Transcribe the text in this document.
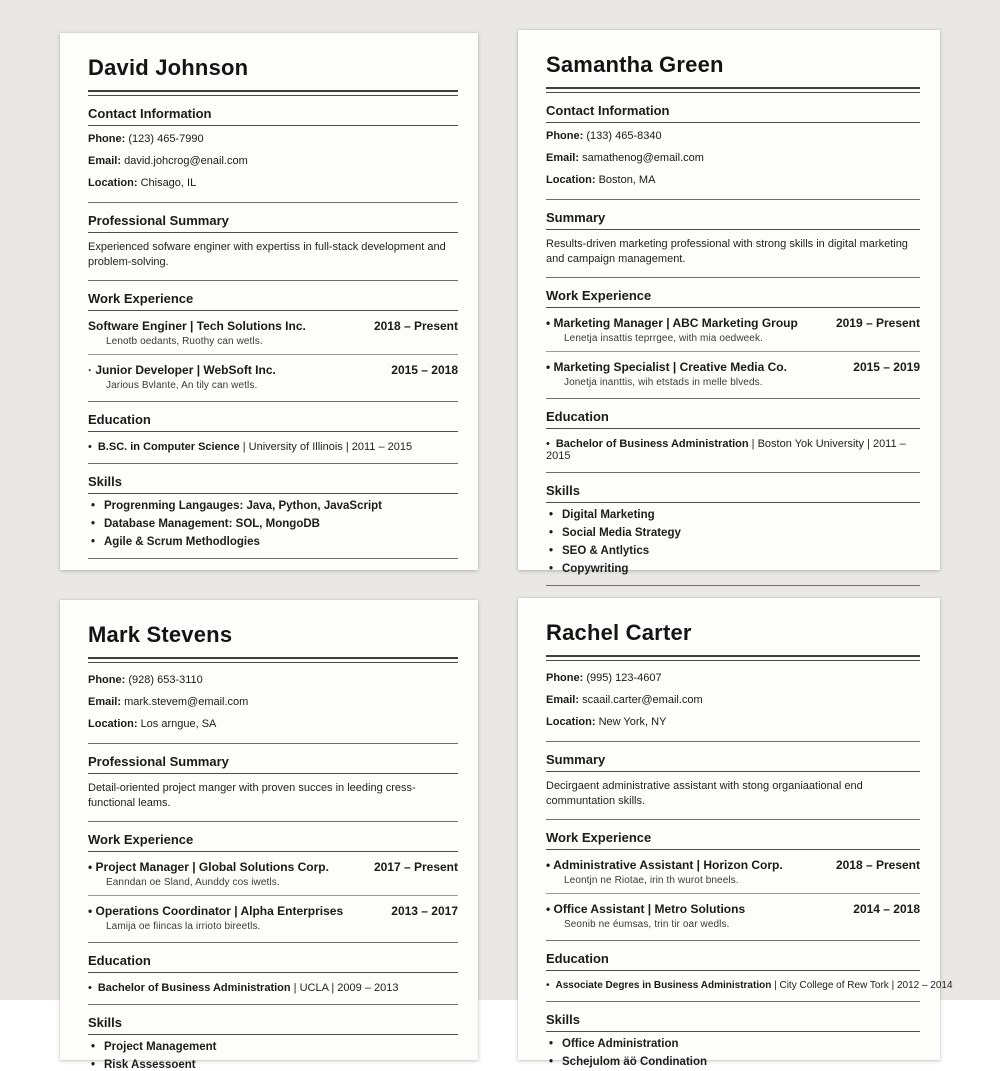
David Johnson
Contact Information
Phone: (123) 465-7990
Email: david.johcrog@enail.com
Location: Chisago, IL
Professional Summary
Experienced sofware enginer with expertiss in full-stack development and problem-solving.
Work Experience
Software Enginer | Tech Solutions Inc.	2018 – Present
Lenotb oedants, Ruothy can wetls.
· Junior Developer | WebSoft Inc.	2015 – 2018
Jarious Bvlante, An tily can wetls.
Education
• B.SC. in Computer Science | University of Illinois | 2011 – 2015
Skills
• Progrenming Langauges: Java, Python, JavaScript
• Database Management: SOL, MongoDB
• Agile & Scrum Methodlogies
Samantha Green
Contact Information
Phone: (133) 465-8340
Email: samathenog@email.com
Location: Boston, MA
Summary
Results-driven marketing professional with strong skills in digital marketing and campaign management.
Work Experience
• Marketing Manager | ABC Marketing Group	2019 – Present
Lenetja insattis teprrgee, with mia oedweek.
• Marketing Specialist | Creative Media Co.	2015 – 2019
Jonetja inanttis, wih etstads in melle blveds.
Education
• Bachelor of Business Administration | Boston Yok University | 2011 – 2015
Skills
• Digital Marketing
• Social Media Strategy
• SEO & Antlytics
• Copywriting
Mark Stevens
Phone: (928) 653-3110
Email: mark.stevem@email.com
Location: Los arngue, SA
Professional Summary
Detail-oriented project manger with proven succes in leeding cress-functional leams.
Work Experience
• Project Manager | Global Solutions Corp.	2017 – Present
Eanndan oe Sland, Aunddy cos iwetls.
• Operations Coordinator | Alpha Enterprises	2013 – 2017
Lamija oe fiincas la irrioto bireetls.
Education
• Bachelor of Business Administration | UCLA | 2009 – 2013
Skills
• Project Management
• Risk Assessoent
Rachel Carter
Phone: (995) 123-4607
Email: scaail.carter@email.com
Location: New York, NY
Summary
Decirgaent administrative assistant with stong organiaational end communtation skills.
Work Experience
• Administrative Assistant | Horizon Corp.	2018 – Present
Leontjn ne Riotae, irin th wurot bneels.
• Office Assistant | Metro Solutions	2014 – 2018
Seonib ne éumsas, trin tir oar wedls.
Education
• Associate Degres in Business Administration | City College of Rew Tork | 2012 – 2014
Skills
• Office Administration
• Schejulom äö Condination
